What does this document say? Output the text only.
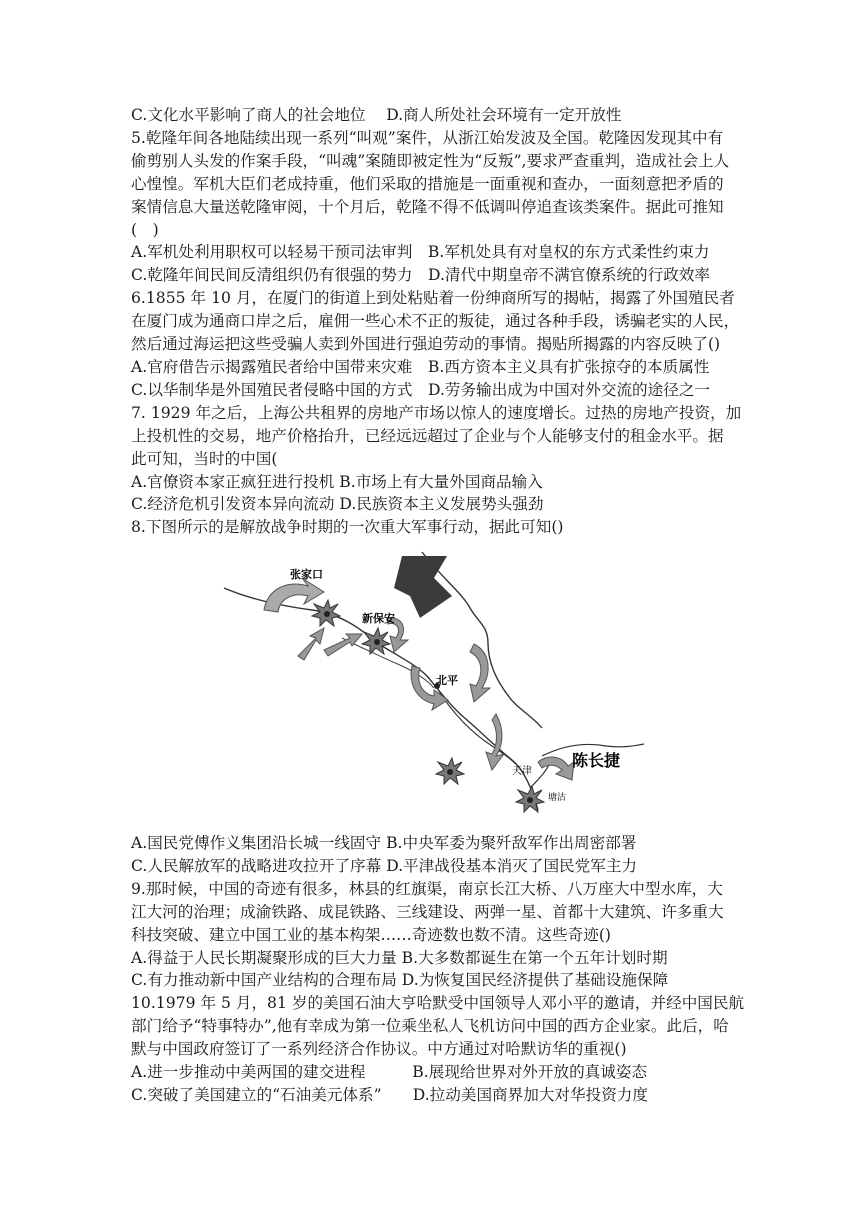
C.文化水平影响了商人的社会地位　 D.商人所处社会环境有一定开放性
5.乾隆年间各地陆续出现一系列“叫观”案件，从浙江始发波及全国。乾隆因发现其中有
偷剪别人头发的作案手段，“叫魂”案随即被定性为“反叛”,要求严查重判，造成社会上人
心惶惶。军机大臣们老成持重，他们采取的措施是一面重视和查办，一面刻意把矛盾的
案情信息大量送乾隆审阅，十个月后，乾隆不得不低调叫停追查该类案件。据此可推知
(　)
A.军机处利用职权可以轻易干预司法审判　B.军机处具有对皇权的东方式柔性约束力
C.乾隆年间民间反清组织仍有很强的势力　D.清代中期皇帝不满官僚系统的行政效率
6.1855 年 10 月，在厦门的街道上到处粘贴着一份绅商所写的揭帖，揭露了外国殖民者
在厦门成为通商口岸之后，雇佣一些心术不正的叛徒，通过各种手段，诱骗老实的人民，
然后通过海运把这些受骗人卖到外国进行强迫劳动的事情。揭贴所揭露的内容反映了()
A.官府借告示揭露殖民者给中国带来灾难　B.西方资本主义具有扩张掠夺的本质属性
C.以华制华是外国殖民者侵略中国的方式　D.劳务输出成为中国对外交流的途径之一
7. 1929 年之后，上海公共租界的房地产市场以惊人的速度增长。过热的房地产投资，加
上投机性的交易，地产价格抬升，已经远远超过了企业与个人能够支付的租金水平。据
此可知，当时的中国(
A.官僚资本家正疯狂进行投机 B.市场上有大量外国商品输入
C.经济危机引发资本异向流动 D.民族资本主义发展势头强劲
8.下图所示的是解放战争时期的一次重大军事行动，据此可知()
张家口
新保安
北平
天津
塘沽
陈长捷
A.国民党傅作义集团沿长城一线固守 B.中央军委为聚歼敌军作出周密部署
C.人民解放军的战略进攻拉开了序幕 D.平津战役基本消灭了国民党军主力
9.那时候，中国的奇迹有很多，林县的红旗渠，南京长江大桥、八万座大中型水库，大
江大河的治理；成渝铁路、成昆铁路、三线建设、两弹一星、首都十大建筑、许多重大
科技突破、建立中国工业的基本构架……奇迹数也数不清。这些奇迹()
A.得益于人民长期凝聚形成的巨大力量 B.大多数都诞生在第一个五年计划时期
C.有力推动新中国产业结构的合理布局 D.为恢复国民经济提供了基础设施保障
10.1979 年 5 月，81 岁的美国石油大亨哈默受中国领导人邓小平的邀请，并经中国民航
部门给予“特事特办”,他有幸成为第一位乘坐私人飞机访问中国的西方企业家。此后，哈
默与中国政府签订了一系列经济合作协议。中方通过对哈默访华的重视()
A.进一步推动中美两国的建交进程　　　B.展现给世界对外开放的真诚姿态
C.突破了美国建立的“石油美元体系”　　D.拉动美国商界加大对华投资力度
